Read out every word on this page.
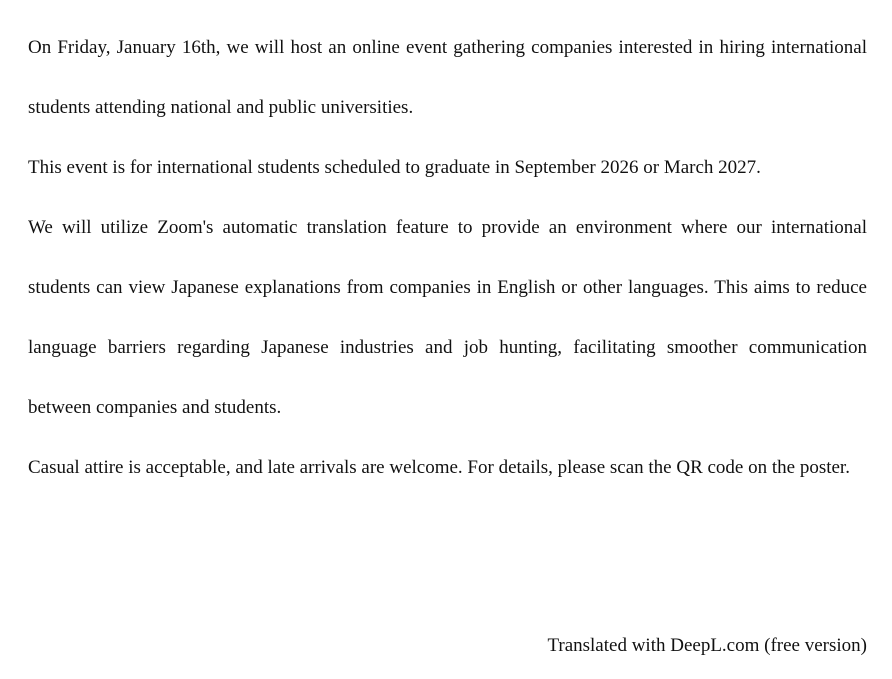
On Friday, January 16th, we will host an online event gathering companies interested in hiring international students attending national and public universities.

This event is for international students scheduled to graduate in September 2026 or March 2027.

We will utilize Zoom's automatic translation feature to provide an environment where our international students can view Japanese explanations from companies in English or other languages. This aims to reduce language barriers regarding Japanese industries and job hunting, facilitating smoother communication between companies and students.

Casual attire is acceptable, and late arrivals are welcome. For details, please scan the QR code on the poster.

Translated with DeepL.com (free version)
